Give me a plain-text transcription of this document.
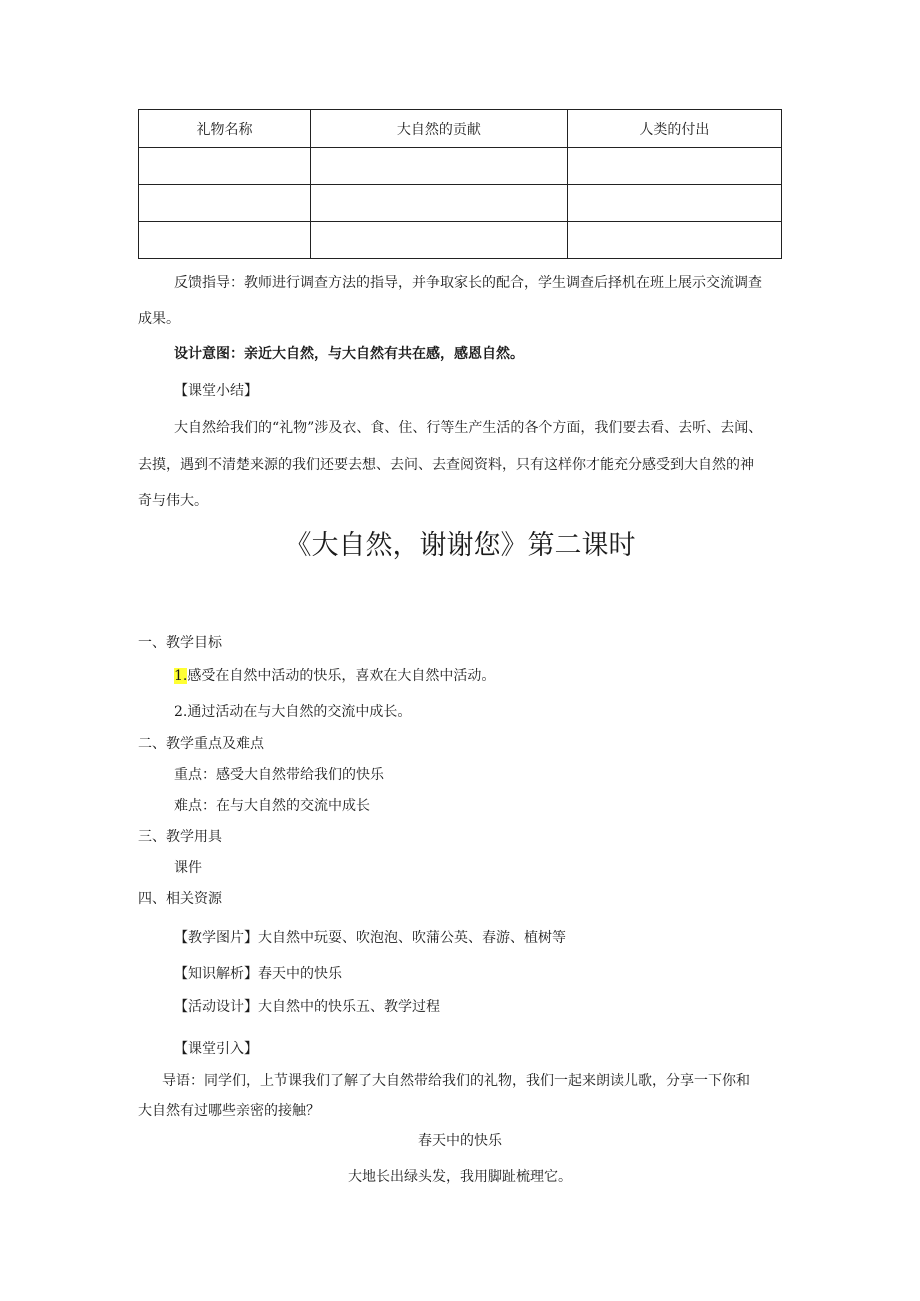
礼物名称	大自然的贡献	人类的付出

反馈指导：教师进行调查方法的指导，并争取家长的配合，学生调查后择机在班上展示交流调查
成果。
设计意图：亲近大自然，与大自然有共在感，感恩自然。
【课堂小结】
大自然给我们的“礼物”涉及衣、食、住、行等生产生活的各个方面，我们要去看、去听、去闻、
去摸，遇到不清楚来源的我们还要去想、去问、去查阅资料，只有这样你才能充分感受到大自然的神
奇与伟大。
《大自然，谢谢您》第二课时
一、教学目标
1.感受在自然中活动的快乐，喜欢在大自然中活动。
2.通过活动在与大自然的交流中成长。
二、教学重点及难点
重点：感受大自然带给我们的快乐
难点：在与大自然的交流中成长
三、教学用具
课件
四、相关资源
【教学图片】大自然中玩耍、吹泡泡、吹蒲公英、春游、植树等
【知识解析】春天中的快乐
【活动设计】大自然中的快乐五、教学过程
【课堂引入】
导语：同学们，上节课我们了解了大自然带给我们的礼物，我们一起来朗读儿歌，分享一下你和
大自然有过哪些亲密的接触？
春天中的快乐
大地长出绿头发，我用脚趾梳理它。
